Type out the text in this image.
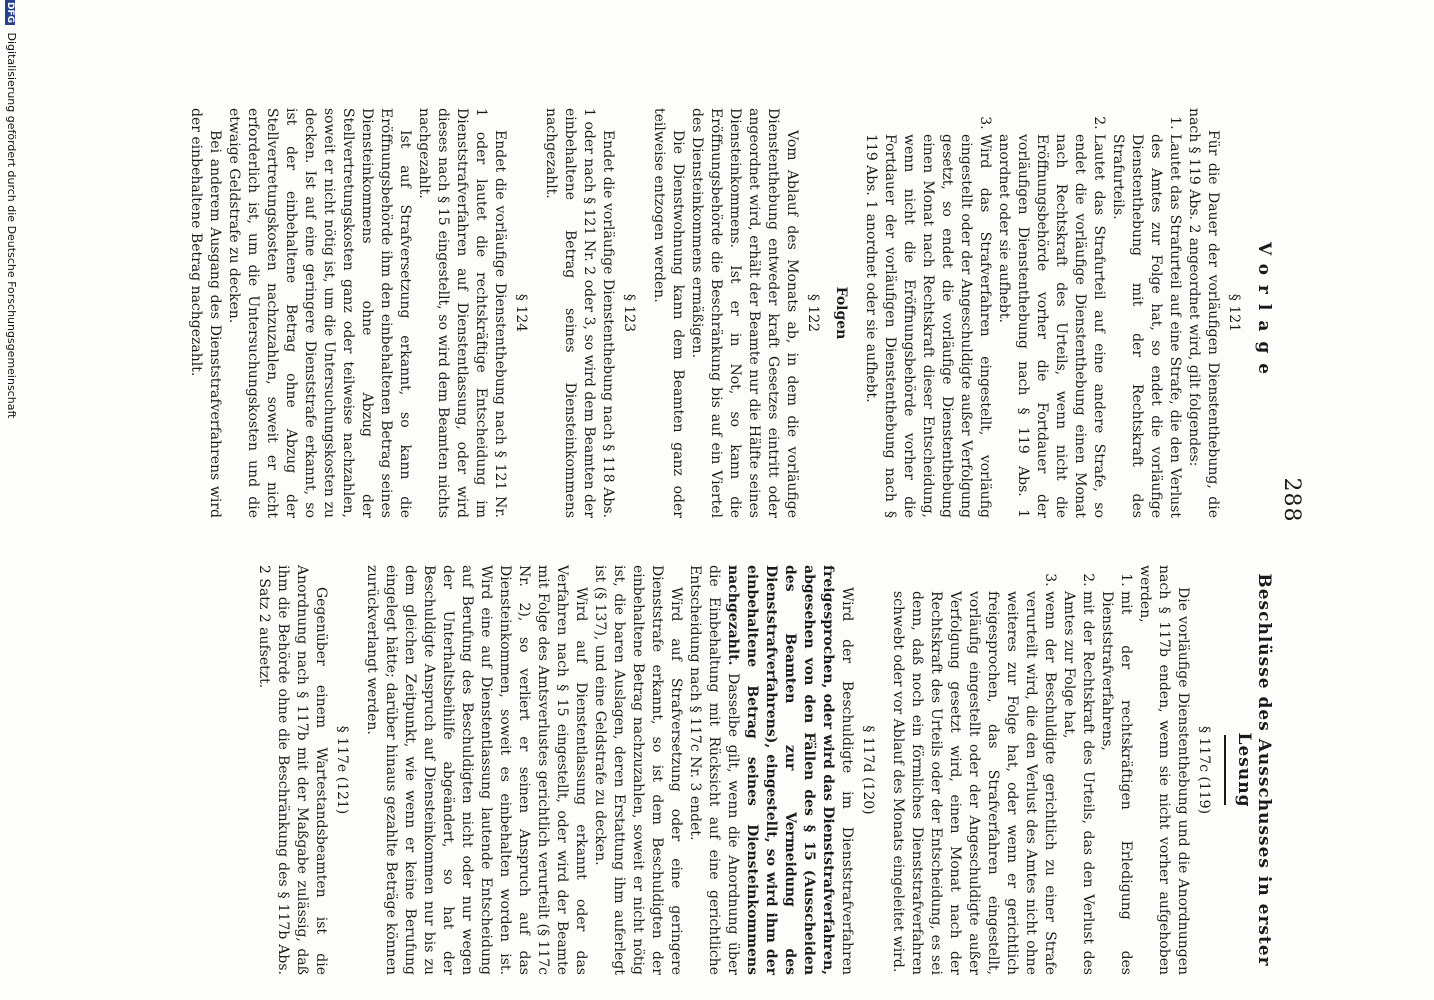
288
Vorlage
§ 121

Für die Dauer der vorläufigen Dienstenthebung, die nach § 119 Abs. 2 angeordnet wird, gilt folgendes:

1. Lautet das Strafurteil auf eine Strafe, die den Verlust des Amtes zur Folge hat, so endet die vorläufige Dienstenthebung mit der Rechtskraft des Strafurteils.
2. Lautet das Strafurteil auf eine andere Strafe, so endet die vorläufige Dienstenthebung einen Monat nach Rechtskraft des Urteils, wenn nicht die Eröffnungsbehörde vorher die Fortdauer der vorläufigen Dienstenthebung nach § 119 Abs. 1 anordnet oder sie aufhebt.
3. Wird das Strafverfahren eingestellt, vorläufig eingestellt oder der Angeschuldigte außer Verfolgung gesetzt, so endet die vorläufige Dienstenthebung einen Monat nach Rechtskraft dieser Entscheidung, wenn nicht die Eröffnungsbehörde vorher die Fortdauer der vorläufigen Dienstenthebung nach § 119 Abs. 1 anordnet oder sie aufhebt.
Folgen
§ 122

Vom Ablauf des Monats ab, in dem die vorläufige Dienstenthebung entweder kraft Gesetzes eintritt oder angeordnet wird, erhält der Beamte nur die Hälfte seines Diensteinkommens. Ist er in Not, so kann die Eröffnungsbehörde die Beschränkung bis auf ein Viertel des Diensteinkommens ermäßigen.

Die Dienstwohnung kann dem Beamten ganz oder teilweise entzogen werden.

§ 123

Endet die vorläufige Dienstenthebung nach § 118 Abs. 1 oder nach § 121 Nr. 2 oder 3, so wird dem Beamten der einbehaltene Betrag seines Diensteinkommens nachgezahlt.

§ 124

Endet die vorläufige Dienstenthebung nach § 121 Nr. 1 oder lautet die rechtskräftige Entscheidung im Dienststrafverfahren auf Dienstentlassung, oder wird dieses nach § 15 eingestellt, so wird dem Beamten nichts nachgezahlt.

Ist auf Strafversetzung erkannt, so kann die Eröffnungsbehörde ihm den einbehaltenen Betrag seines Diensteinkommens ohne Abzug der Stellvertretungskosten ganz oder teilweise nachzahlen, soweit er nicht nötig ist, um die Untersuchungskosten zu decken. Ist auf eine geringere Dienststrafe erkannt, so ist der einbehaltene Betrag ohne Abzug der Stellvertretungskosten nachzuzahlen, soweit er nicht erforderlich ist, um die Untersuchungskosten und die etwaige Geldstrafe zu decken.

Bei anderem Ausgang des Dienststrafverfahrens wird der einbehaltene Betrag nachgezahlt.

Beschlüsse des Ausschusses in erster Lesung
§ 117c (119)

Die vorläufige Dienstenthebung und die Anordnungen nach § 117b enden, wenn sie nicht vorher aufgehoben werden,

1. mit der rechtskräftigen Erledigung des Dienststrafverfahrens,
2. mit der Rechtskraft des Urteils, das den Verlust des Amtes zur Folge hat,
3. wenn der Beschuldigte gerichtlich zu einer Strafe verurteilt wird, die den Verlust des Amtes nicht ohne weiteres zur Folge hat, oder wenn er gerichtlich freigesprochen, das Strafverfahren eingestellt, vorläufig eingestellt oder der Angeschuldigte außer Verfolgung gesetzt wird, einen Monat nach der Rechtskraft des Urteils oder der Entscheidung, es sei denn, daß noch ein förmliches Dienststrafverfahren schwebt oder vor Ablauf des Monats eingeleitet wird.
§ 117d (120)

Wird der Beschuldigte im Dienststrafverfahren freigesprochen, oder wird das Dienststrafverfahren, abgesehen von den Fällen des § 15 (Ausscheiden des Beamten zur Vermeidung des Dienststrafverfahrens), eingestellt, so wird ihm der einbehaltene Betrag seines Diensteinkommens nachgezahlt. Dasselbe gilt, wenn die Anordnung über die Einbehaltung mit Rücksicht auf eine gerichtliche Entscheidung nach § 117c Nr. 3 endet.

Wird auf Strafversetzung oder eine geringere Dienststrafe erkannt, so ist dem Beschuldigten der einbehaltene Betrag nachzuzahlen, soweit er nicht nötig ist, die baren Auslagen, deren Erstattung ihm auferlegt ist (§ 137), und eine Geldstrafe zu decken.

Wird auf Dienstentlassung erkannt oder das Verfahren nach § 15 eingestellt, oder wird der Beamte mit Folge des Amtsverlustes gerichtlich verurteilt (§ 117c Nr. 2), so verliert er seinen Anspruch auf das Diensteinkommen, soweit es einbehalten worden ist. Wird eine auf Dienstentlassung lautende Entscheidung auf Berufung des Beschuldigten nicht oder nur wegen der Unterhaltsbeihilfe abgeändert, so hat der Beschuldigte Anspruch auf Diensteinkommen nur bis zu dem gleichen Zeitpunkt, wie wenn er keine Berufung eingelegt hätte; darüber hinaus gezahlte Beträge können zurückverlangt werden.

§ 117e (121)

Gegenüber einem Wartestandsbeamten ist die Anordnung nach § 117b mit der Maßgabe zulässig, daß ihm die Behörde ohne die Beschränkung des § 117b Abs. 2 Satz 2 aufsetzt.

DFG Digitalisierung gefördert durch die Deutsche Forschungsgemeinschaft
